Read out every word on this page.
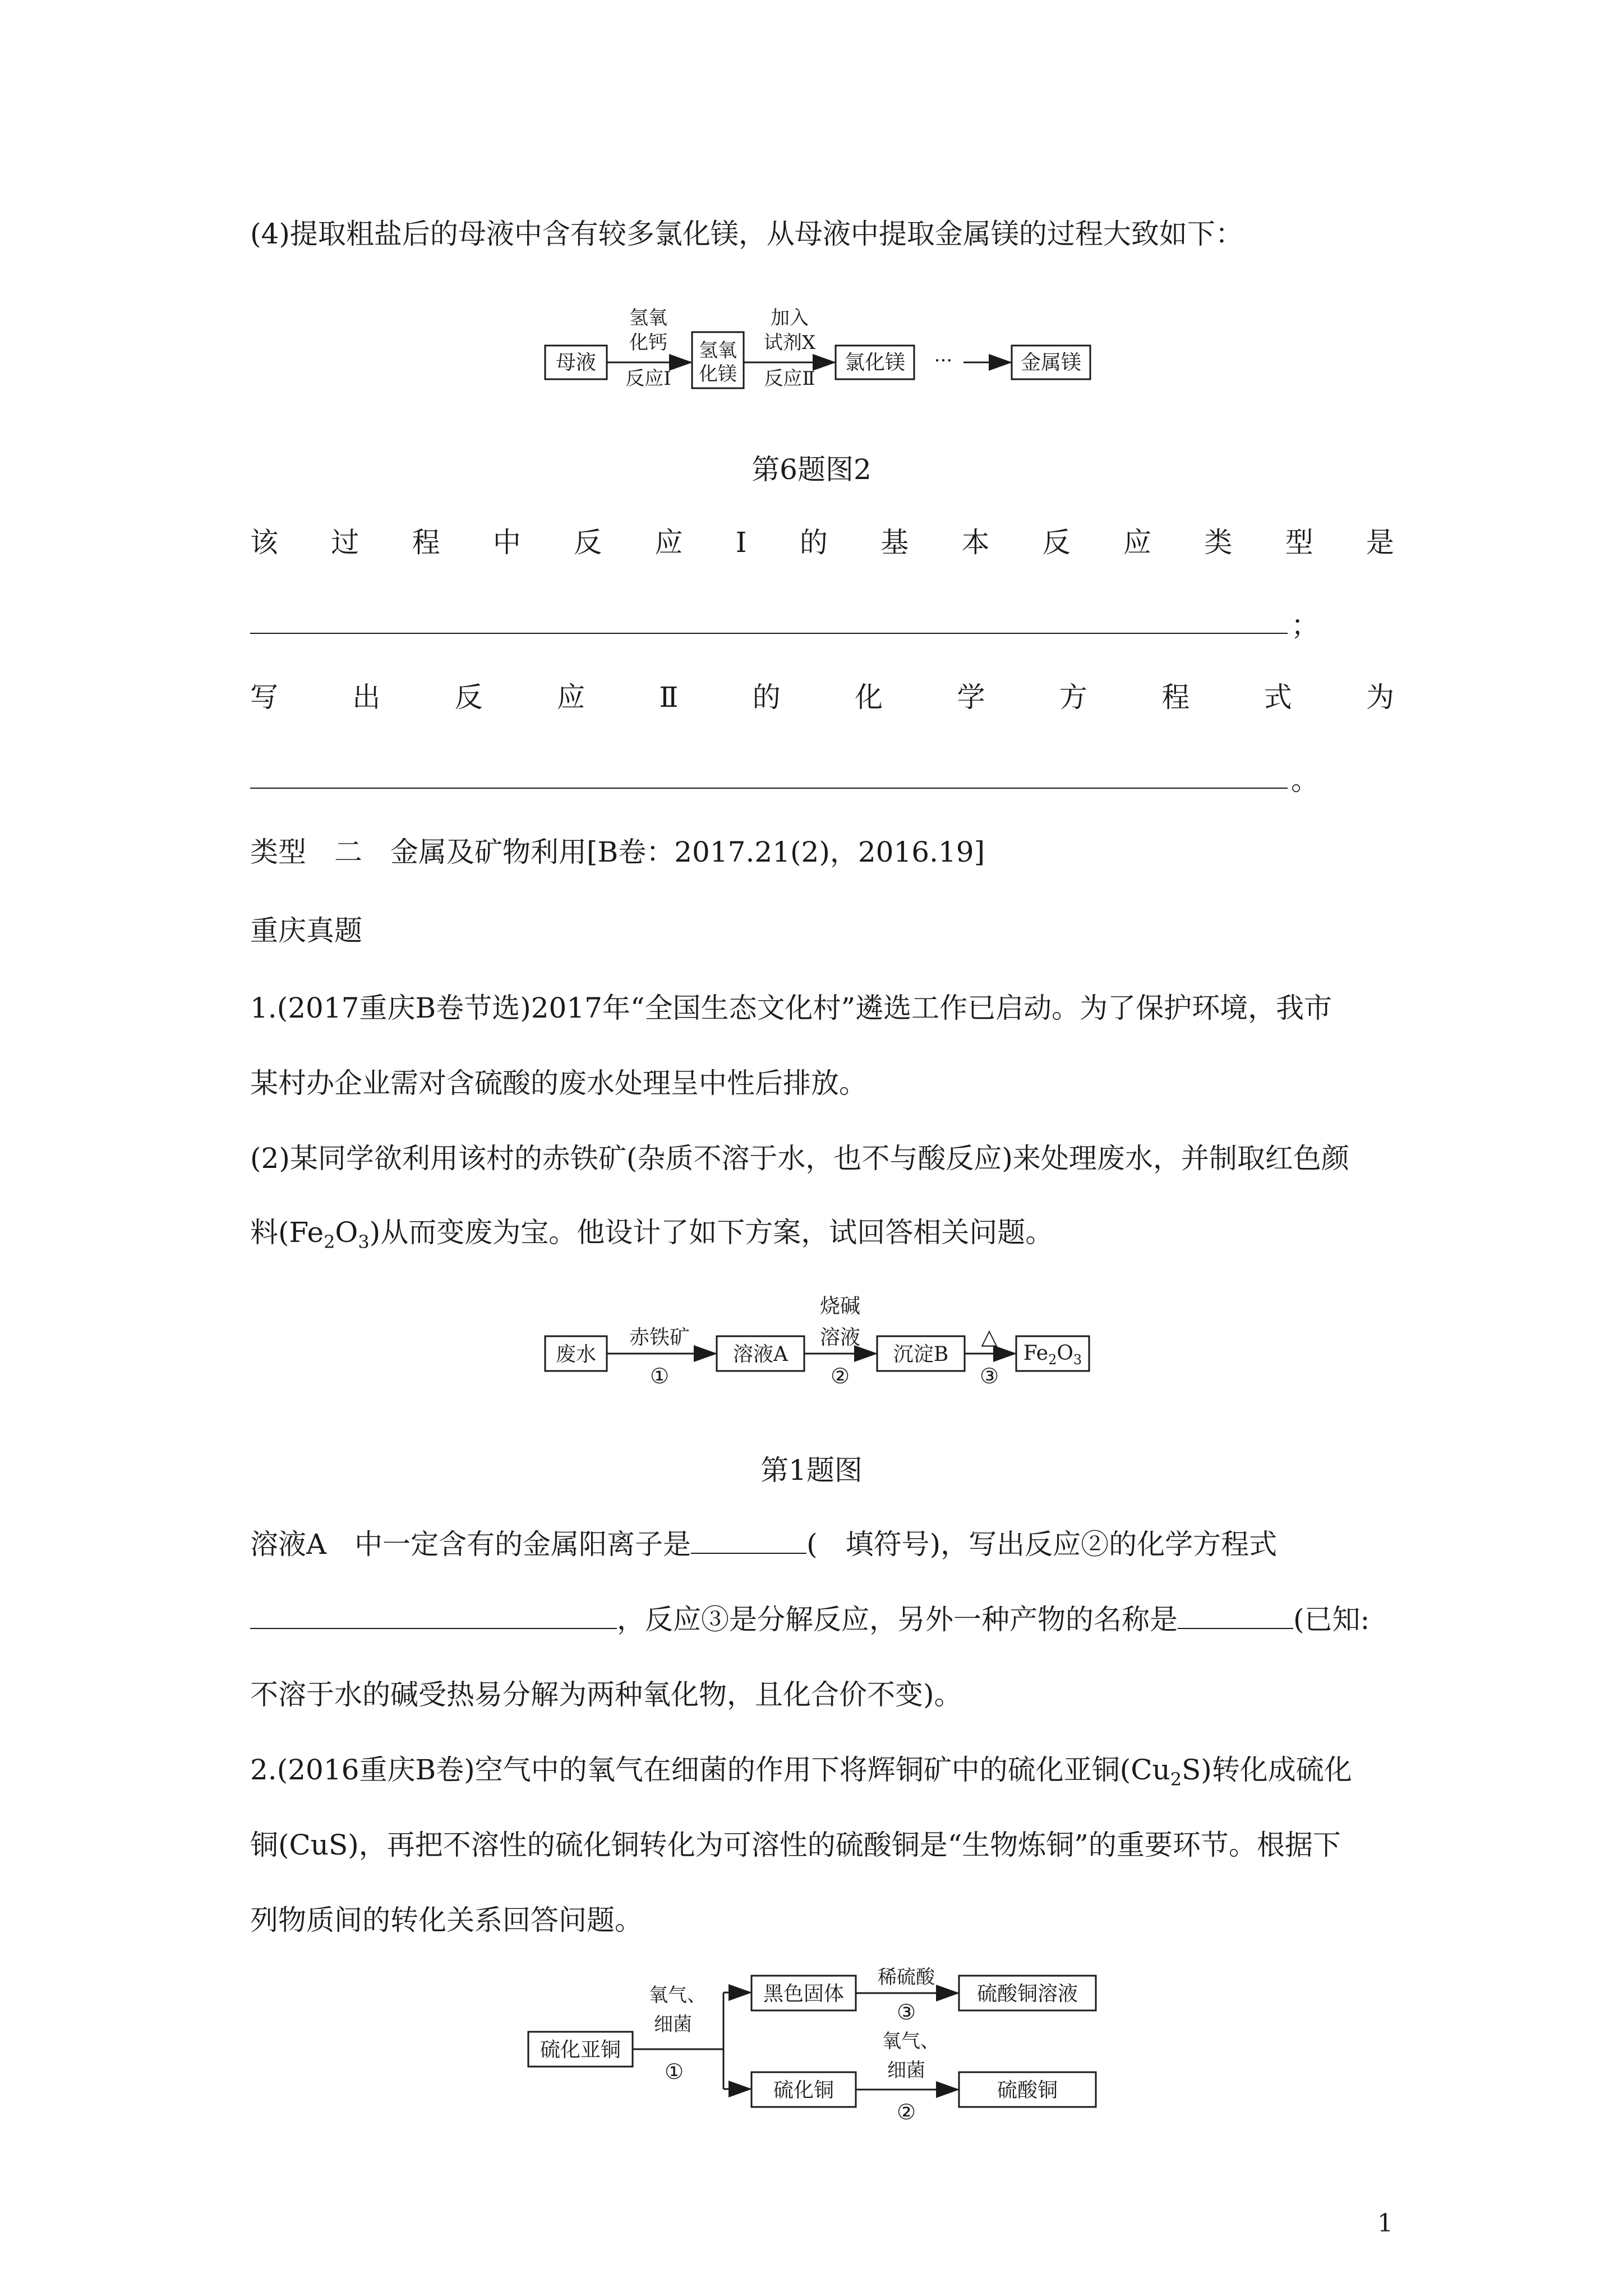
(4)提取粗盐后的母液中含有较多氯化镁，从母液中提取金属镁的过程大致如下：
母液
氢氧
化钙
反应Ⅰ
氢氧
化镁
加入
试剂X
反应Ⅱ
氯化镁 ···	金属镁
第6题图2
该 过 程 中 反 应 Ⅰ 的 基 本 反 应 类 型 是
；
写	出	反	应	Ⅱ	的	化	学	方	程	式	为
。
类型　二　金属及矿物利用[B卷：2017.21(2)，2016.19]
重庆真题
1.(2017重庆B卷节选)2017年“全国生态文化村”遴选工作已启动。为了保护环境，我市
某村办企业需对含硫酸的废水处理呈中性后排放。
(2)某同学欲利用该村的赤铁矿(杂质不溶于水，也不与酸反应)来处理废水，并制取红色颜
料$(Fe_2O_3)$从而变废为宝。他设计了如下方案，试回答相关问题。
废水
赤铁矿
①
溶液A
烧碱
溶液
②
沉淀B
△
③
$Fe_2O_3$
第1题图
溶液A　中一定含有的金属阳离子是	(　填符号)，写出反应②的化学方程式
，反应③是分解反应，另外一种产物的名称是	(已知:
不溶于水的碱受热易分解为两种氧化物，且化合价不变)。
2.(2016重庆B卷)空气中的氧气在细菌的作用下将辉铜矿中的硫化亚铜$(Cu_2S)$转化成硫化
铜(CuS)，再把不溶性的硫化铜转化为可溶性的硫酸铜是“生物炼铜”的重要环节。根据下
列物质间的转化关系回答问题。
硫化亚铜
氧气、
细菌
①
黑色固体
稀硫酸
③
硫酸铜溶液
硫化铜
氧气、
细菌
②
硫酸铜
1
